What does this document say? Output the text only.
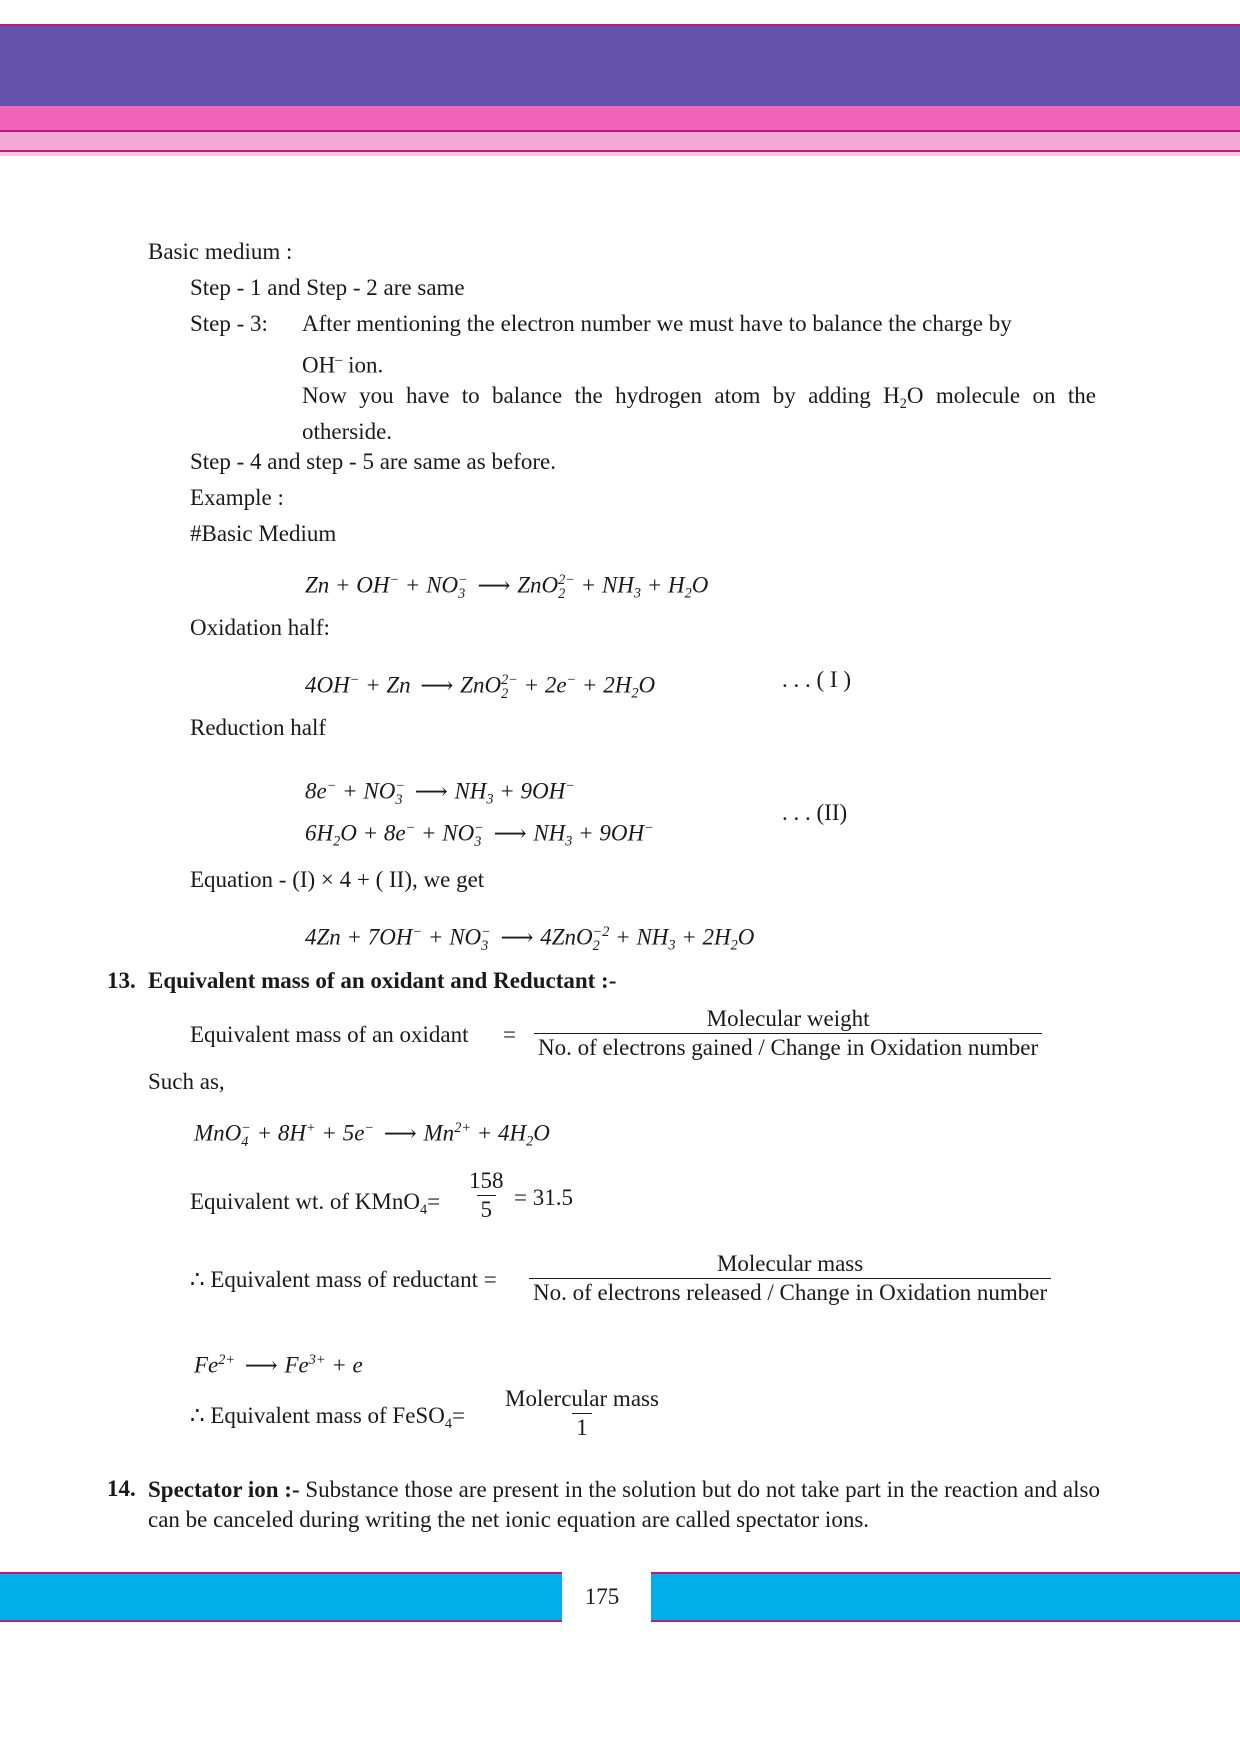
Basic medium :
Step - 1 and Step - 2 are same
Step - 3: After mentioning the electron number we must have to balance the charge by
OH– ion.
Now you have to balance the hydrogen atom by adding $H_2O$ molecule on the otherside.
Step - 4 and step - 5 are same as before.
Example :
#Basic Medium
Zn + OH− + NO −
3 ⟶ ZnO 2−
$2 + NH_3 + H_2O$
Oxidation half:
4OH− + Zn ⟶ ZnO 2−
$2 + 2e^- + 2H_2O$	. . . ( I )
Reduction half
8e− + NO −
3 ⟶ $NH_3 + 9OH^-$
$6H_2O + 8e^-$ + NO −
3 ⟶ $NH_3 + 9OH^-$
. . . (II)
Equation - (I) × 4 + ( II), we get
4Zn + 7OH− + NO −
3 ⟶ 4ZnO −2
$2 + NH_3 + 2H_2O$
13. Equivalent mass of an oxidant and Reductant :-
Equivalent mass of an oxidant = $\frac{\text{Molecular weight}}{\text{No. of electrons gained / Change in Oxidation number}}$
Such as,
MnO −
4 + 8H+ + 5e− ⟶ $Mn^{2+} + 4H_2O$
Equivalent wt. of KMnO$_4$= $\frac{158}{5} = 31.5$
∴ Equivalent mass of reductant = $\frac{\text{Molecular mass}}{\text{No. of electrons released / Change in Oxidation number}}$
$Fe^{2+}$ ⟶ $Fe^{3+} + e$
∴ Equivalent mass of FeSO$_4$= $\frac{\text{Molercular mass}}{1}$
14. Spectator ion :- Substance those are present in the solution but do not take part in the reaction and also can be canceled during writing the net ionic equation are called spectator ions.
175
